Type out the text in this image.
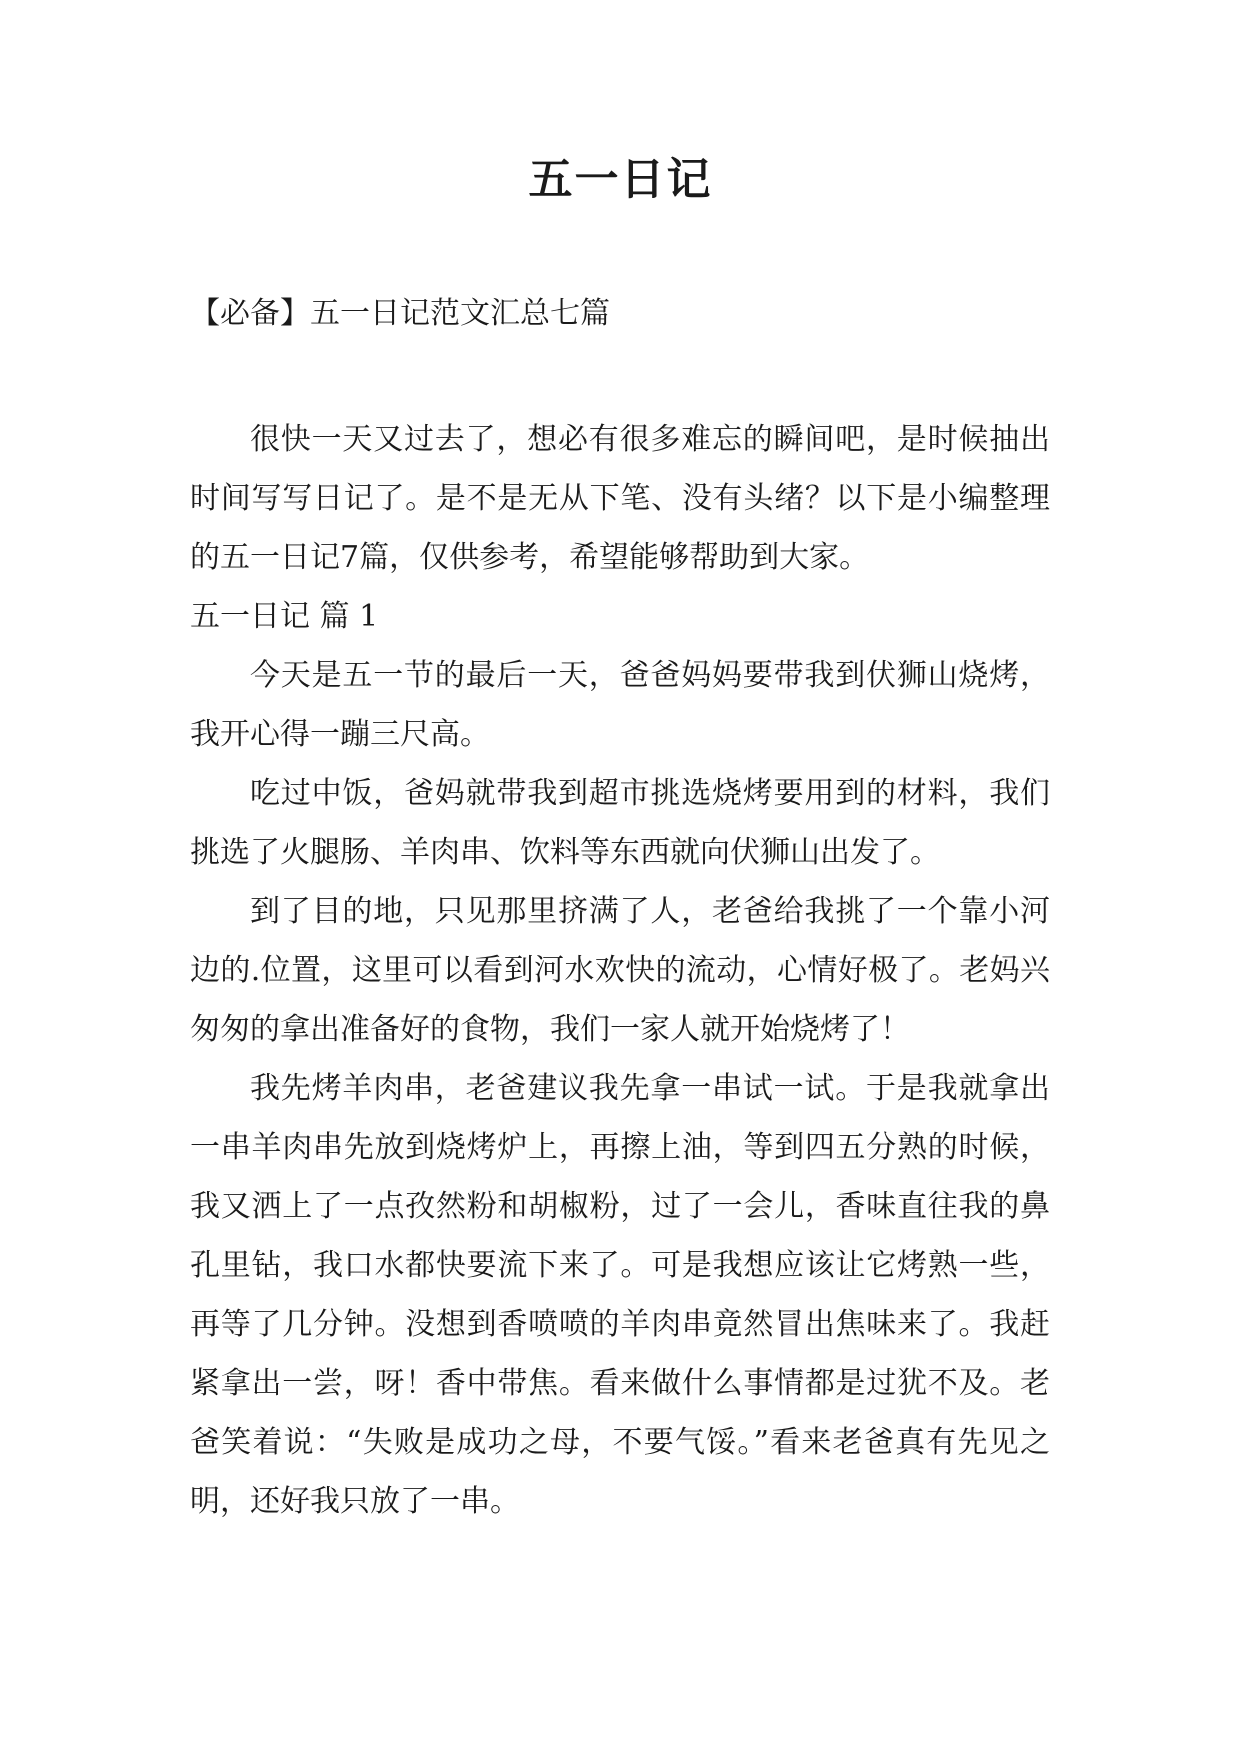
五一日记
【必备】五一日记范文汇总七篇

很快一天又过去了，想必有很多难忘的瞬间吧，是时候抽出时间写写日记了。是不是无从下笔、没有头绪？以下是小编整理的五一日记7篇，仅供参考，希望能够帮助到大家。

五一日记 篇 1

今天是五一节的最后一天，爸爸妈妈要带我到伏狮山烧烤，我开心得一蹦三尺高。

吃过中饭，爸妈就带我到超市挑选烧烤要用到的材料，我们挑选了火腿肠、羊肉串、饮料等东西就向伏狮山出发了。

到了目的地，只见那里挤满了人，老爸给我挑了一个靠小河边的.位置，这里可以看到河水欢快的流动，心情好极了。老妈兴匆匆的拿出准备好的食物，我们一家人就开始烧烤了！

我先烤羊肉串，老爸建议我先拿一串试一试。于是我就拿出一串羊肉串先放到烧烤炉上，再擦上油，等到四五分熟的时候，我又洒上了一点孜然粉和胡椒粉，过了一会儿，香味直往我的鼻孔里钻，我口水都快要流下来了。可是我想应该让它烤熟一些，再等了几分钟。没想到香喷喷的羊肉串竟然冒出焦味来了。我赶紧拿出一尝，呀！香中带焦。看来做什么事情都是过犹不及。老爸笑着说：“失败是成功之母，不要气馁。”看来老爸真有先见之明，还好我只放了一串。
